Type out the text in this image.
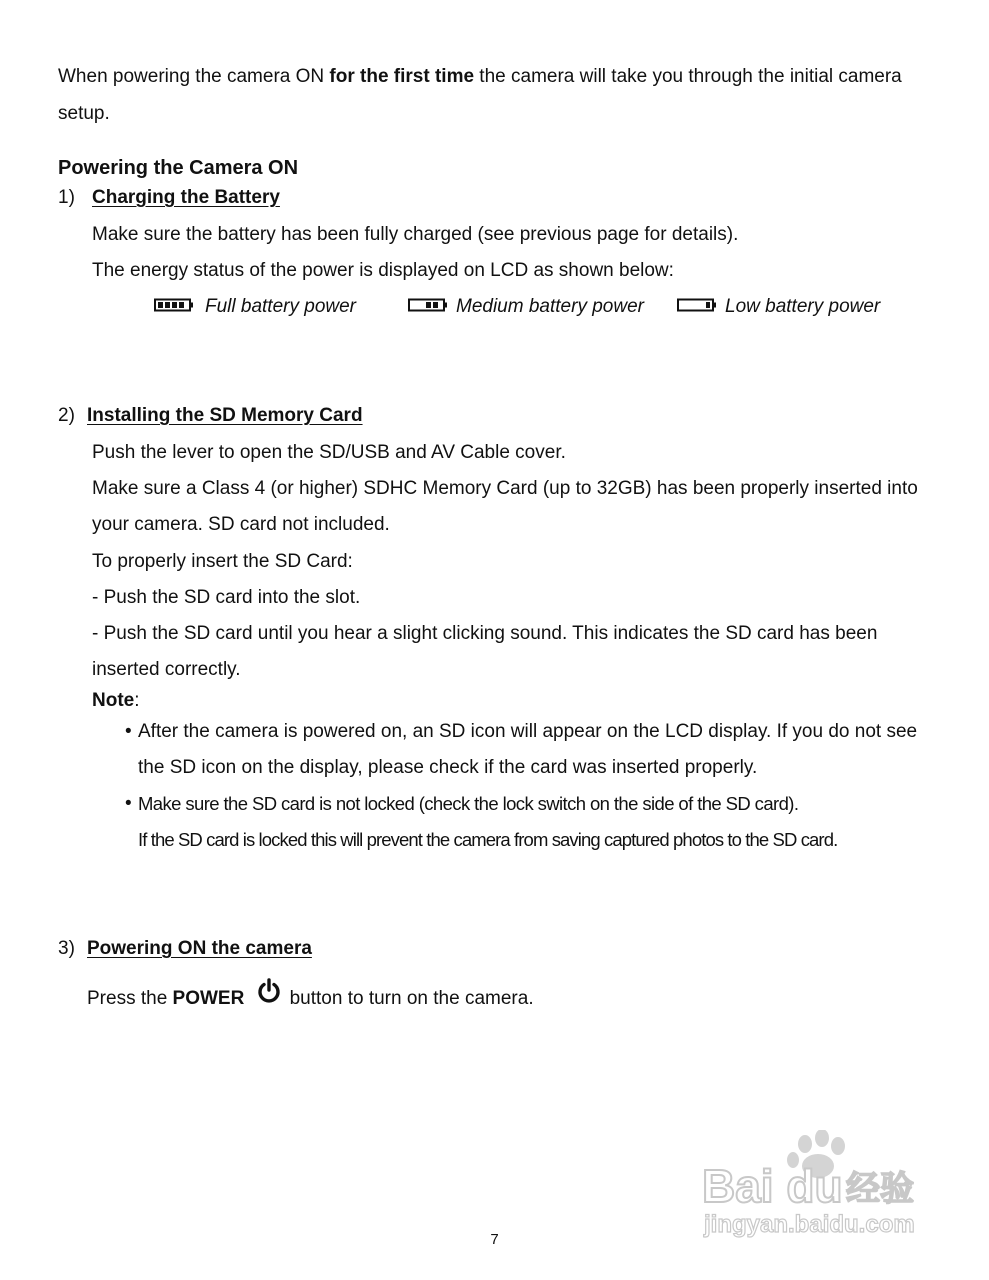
When powering the camera ON for the first time the camera will take you through the initial camera
setup.
Powering the Camera ON
1) Charging the Battery
Make sure the battery has been fully charged (see previous page for details).
The energy status of the power is displayed on LCD as shown below:
Full battery power	Medium battery power	Low battery power
2) Installing the SD Memory Card
Push the lever to open the SD/USB and AV Cable cover.
Make sure a Class 4 (or higher) SDHC Memory Card (up to 32GB) has been properly inserted into
your camera. SD card not included.
To properly insert the SD Card:
- Push the SD card into the slot.
- Push the SD card until you hear a slight clicking sound. This indicates the SD card has been
inserted correctly.
Note:
• After the camera is powered on, an SD icon will appear on the LCD display. If you do not see
the SD icon on the display, please check if the card was inserted properly.
• Make sure the SD card is not locked (check the lock switch on the side of the SD card).
If the SD card is locked this will prevent the camera from saving captured photos to the SD card.
3) Powering ON the camera
Press the POWER button to turn on the camera.
Bai du 经验
jingyan.baidu.com
7
